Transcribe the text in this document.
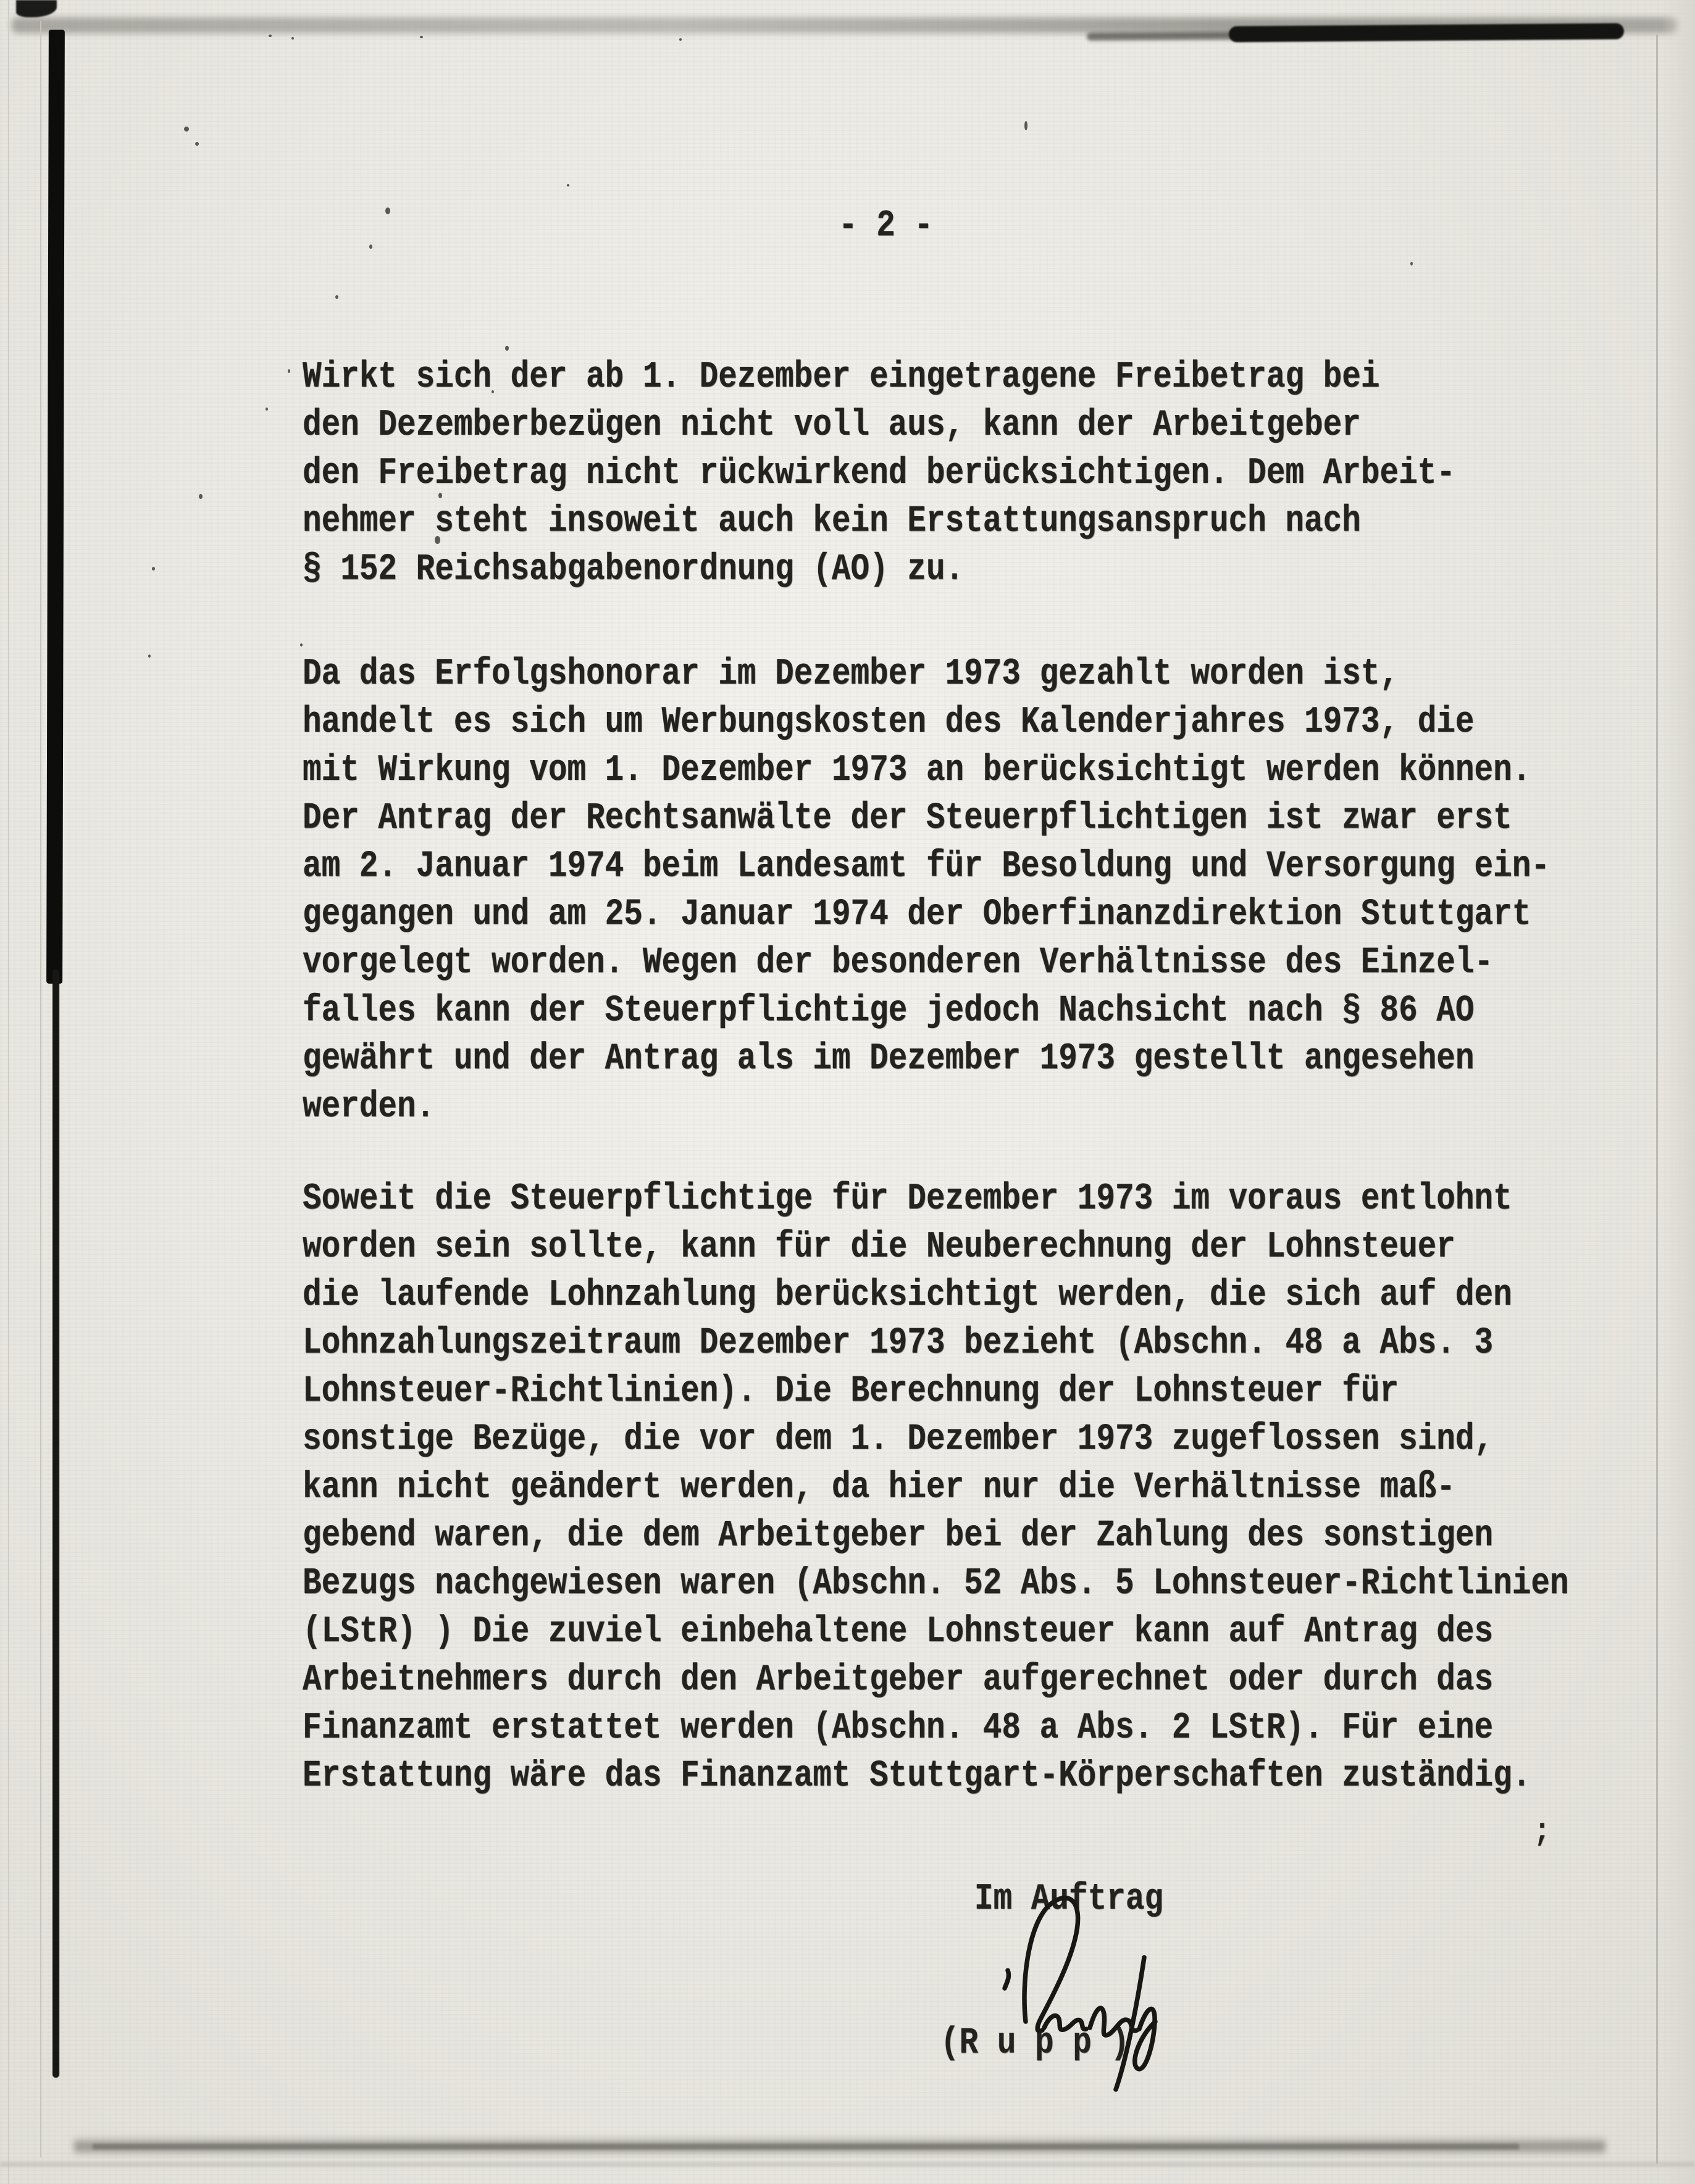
- 2 -
Wirkt sich der ab 1. Dezember eingetragene Freibetrag bei
den Dezemberbezügen nicht voll aus, kann der Arbeitgeber
den Freibetrag nicht rückwirkend berücksichtigen. Dem Arbeit-
nehmer steht insoweit auch kein Erstattungsanspruch nach
§ 152 Reichsabgabenordnung (AO) zu.
Da das Erfolgshonorar im Dezember 1973 gezahlt worden ist,
handelt es sich um Werbungskosten des Kalenderjahres 1973, die
mit Wirkung vom 1. Dezember 1973 an berücksichtigt werden können.
Der Antrag der Rechtsanwälte der Steuerpflichtigen ist zwar erst
am 2. Januar 1974 beim Landesamt für Besoldung und Versorgung ein-
gegangen und am 25. Januar 1974 der Oberfinanzdirektion Stuttgart
vorgelegt worden. Wegen der besonderen Verhältnisse des Einzel-
falles kann der Steuerpflichtige jedoch Nachsicht nach § 86 AO
gewährt und der Antrag als im Dezember 1973 gestellt angesehen
werden.
Soweit die Steuerpflichtige für Dezember 1973 im voraus entlohnt
worden sein sollte, kann für die Neuberechnung der Lohnsteuer
die laufende Lohnzahlung berücksichtigt werden, die sich auf den
Lohnzahlungszeitraum Dezember 1973 bezieht (Abschn. 48 a Abs. 3
Lohnsteuer-Richtlinien). Die Berechnung der Lohnsteuer für
sonstige Bezüge, die vor dem 1. Dezember 1973 zugeflossen sind,
kann nicht geändert werden, da hier nur die Verhältnisse maß-
gebend waren, die dem Arbeitgeber bei der Zahlung des sonstigen
Bezugs nachgewiesen waren (Abschn. 52 Abs. 5 Lohnsteuer-Richtlinien
(LStR) ) Die zuviel einbehaltene Lohnsteuer kann auf Antrag des
Arbeitnehmers durch den Arbeitgeber aufgerechnet oder durch das
Finanzamt erstattet werden (Abschn. 48 a Abs. 2 LStR). Für eine
Erstattung wäre das Finanzamt Stuttgart-Körperschaften zuständig.
Im Auftrag
(R u p p )
;
